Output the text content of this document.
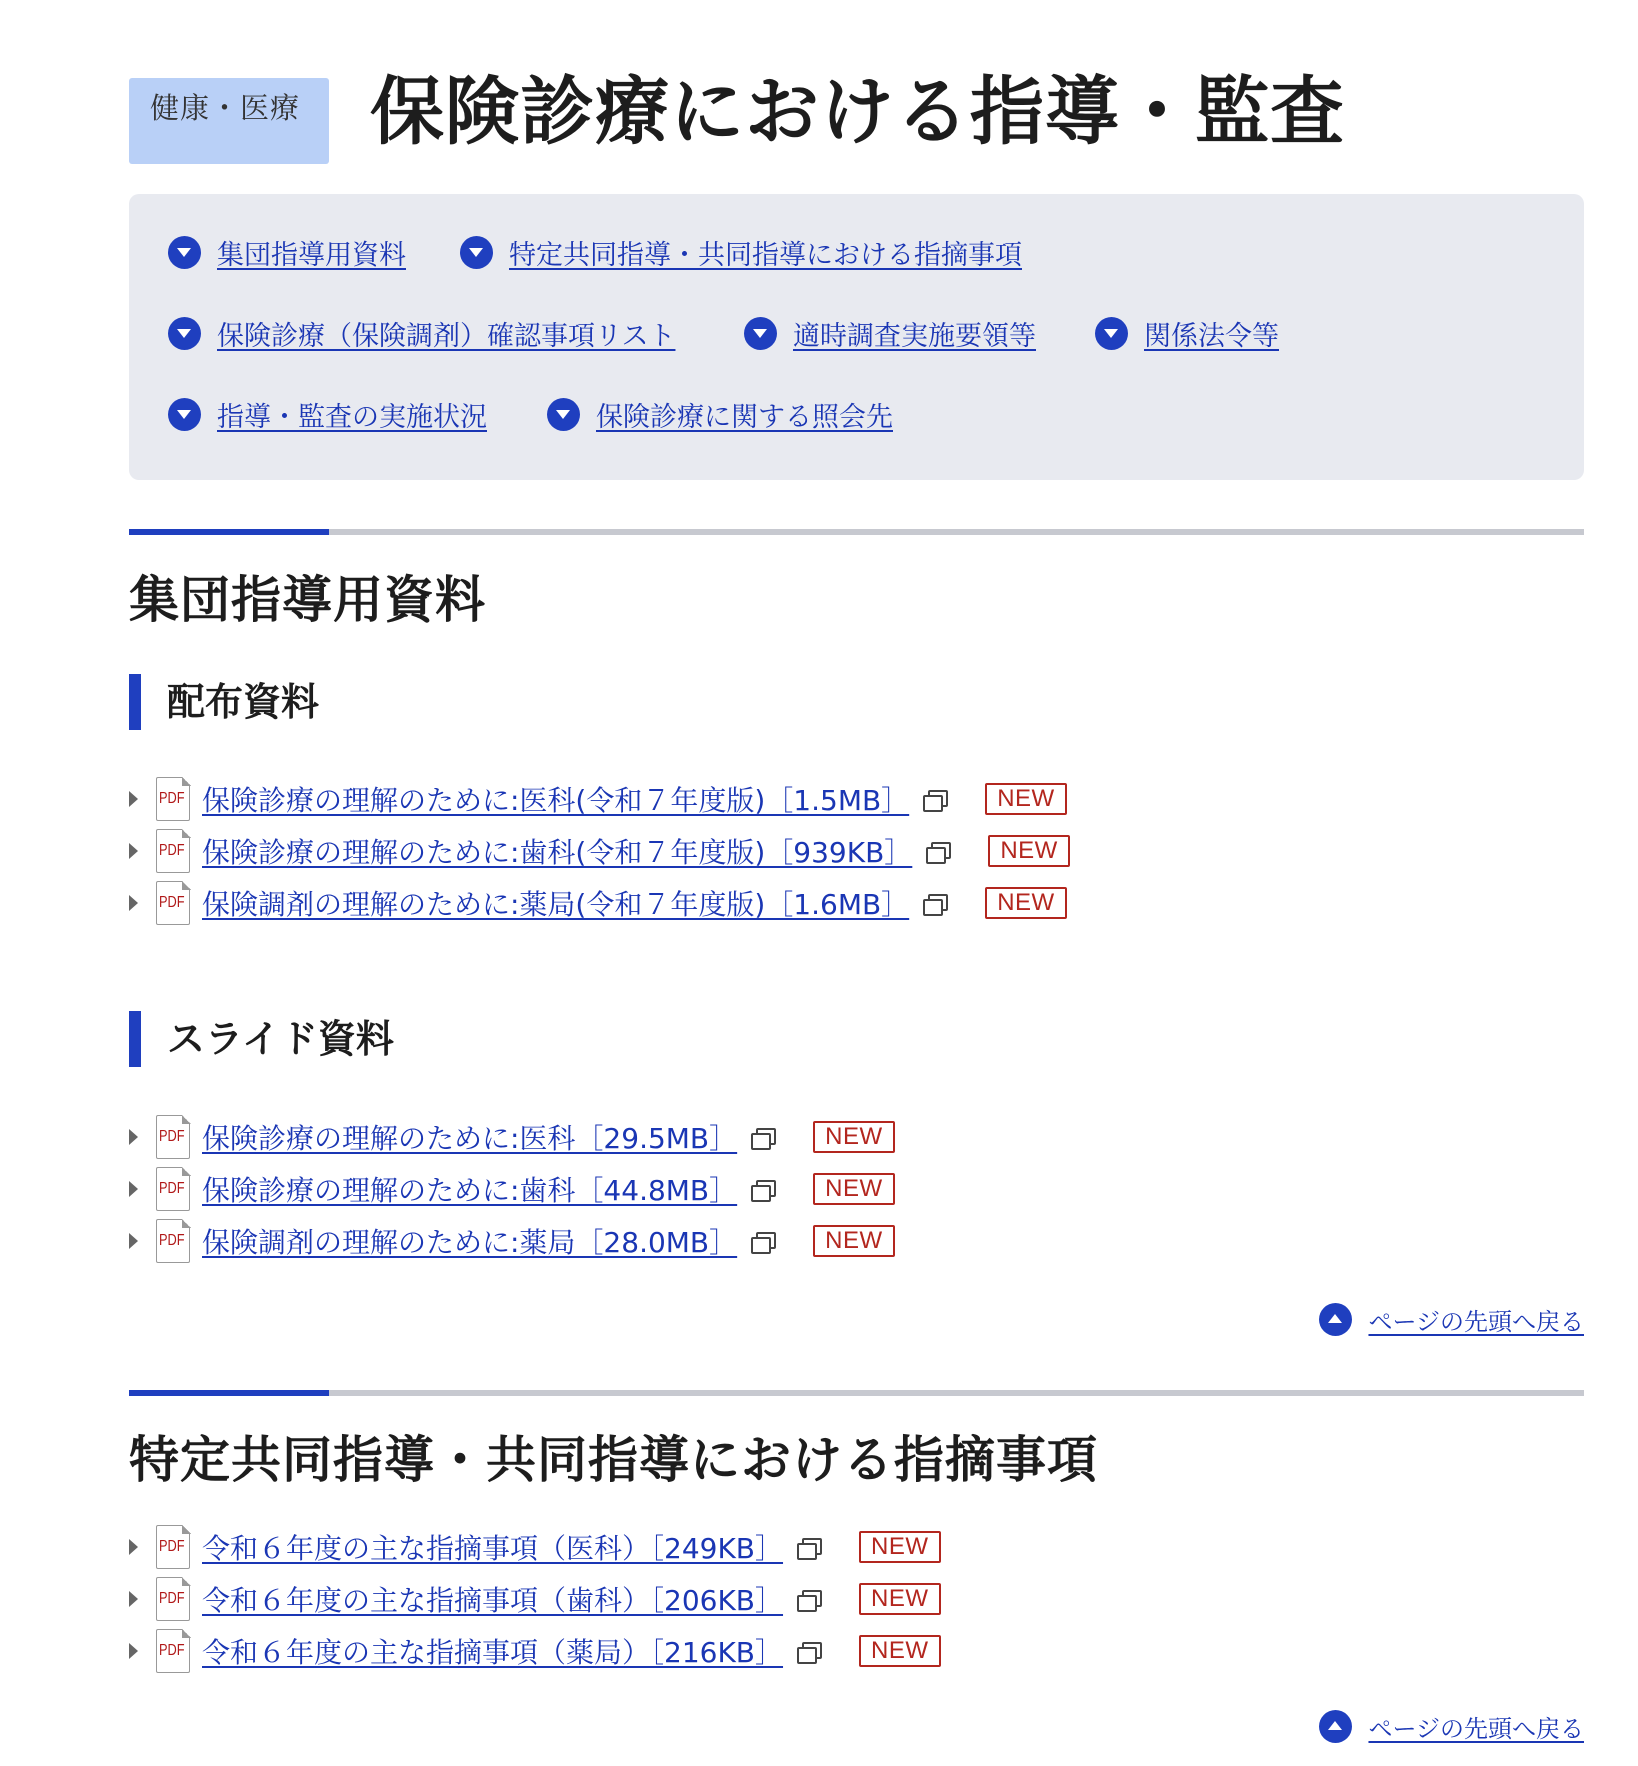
健康・医療 保険診療における指導・監査
集団指導用資料	特定共同指導・共同指導における指摘事項
保険診療（保険調剤）確認事項リスト	適時調査実施要領等	関係法令等
指導・監査の実施状況	保険診療に関する照会先
集団指導用資料
配布資料
PDF 保険診療の理解のために:医科(令和７年度版)［1.5MB］	NEW
PDF 保険診療の理解のために:歯科(令和７年度版)［939KB］	NEW
PDF 保険調剤の理解のために:薬局(令和７年度版)［1.6MB］	NEW
スライド資料
PDF 保険診療の理解のために:医科［29.5MB］	NEW
PDF 保険診療の理解のために:歯科［44.8MB］	NEW
PDF 保険調剤の理解のために:薬局［28.0MB］	NEW
ページの先頭へ戻る
特定共同指導・共同指導における指摘事項
PDF 令和６年度の主な指摘事項（医科）［249KB］	NEW
PDF 令和６年度の主な指摘事項（歯科）［206KB］	NEW
PDF 令和６年度の主な指摘事項（薬局）［216KB］	NEW
ページの先頭へ戻る
